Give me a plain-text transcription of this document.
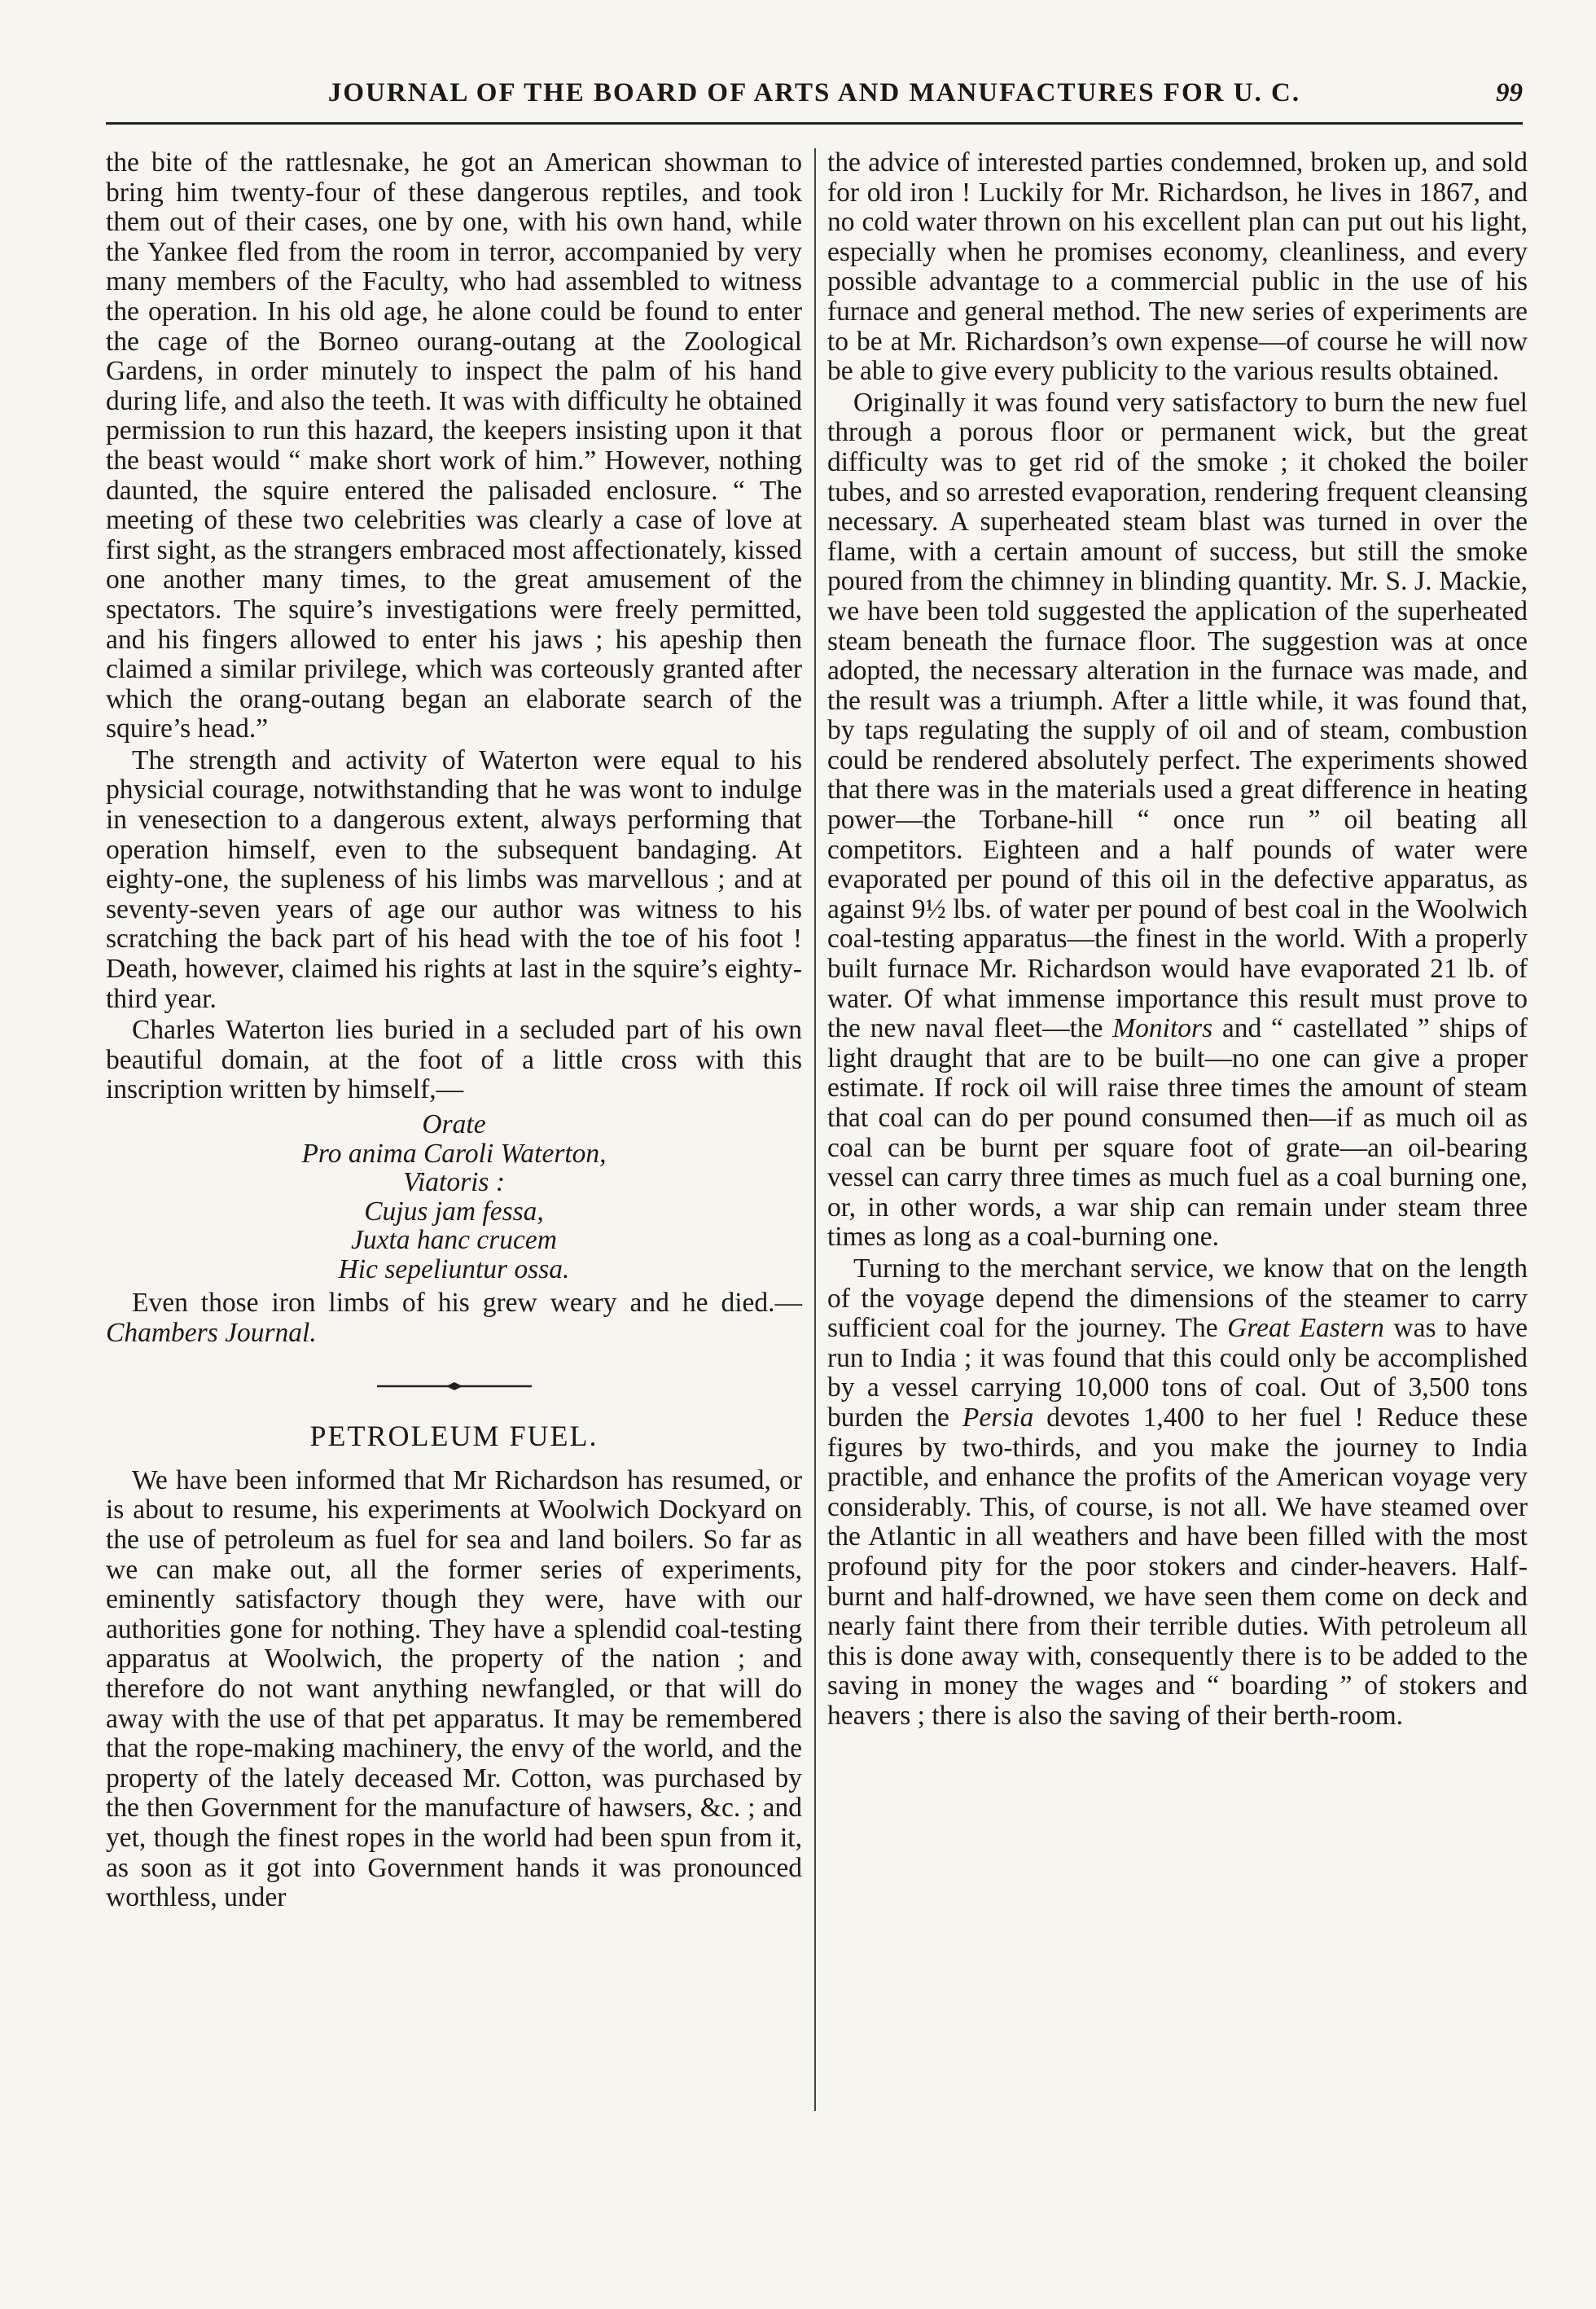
JOURNAL OF THE BOARD OF ARTS AND MANUFACTURES FOR U. C.	99

the bite of the rattlesnake, he got an American showman to bring him twenty-four of these dangerous reptiles, and took them out of their cases, one by one, with his own hand, while the Yankee fled from the room in terror, accompanied by very many members of the Faculty, who had assembled to witness the operation. In his old age, he alone could be found to enter the cage of the Borneo ourang-outang at the Zoological Gardens, in order minutely to inspect the palm of his hand during life, and also the teeth. It was with difficulty he obtained permission to run this hazard, the keepers insisting upon it that the beast would “ make short work of him.” However, nothing daunted, the squire entered the palisaded enclosure. “ The meeting of these two celebrities was clearly a case of love at first sight, as the strangers embraced most affectionately, kissed one another many times, to the great amusement of the spectators. The squire’s investigations were freely permitted, and his fingers allowed to enter his jaws ; his apeship then claimed a similar privilege, which was corteously granted after which the orang-outang began an elaborate search of the squire’s head.”

The strength and activity of Waterton were equal to his physicial courage, notwithstanding that he was wont to indulge in venesection to a dangerous extent, always performing that operation himself, even to the subsequent bandaging. At eighty-one, the supleness of his limbs was marvellous ; and at seventy-seven years of age our author was witness to his scratching the back part of his head with the toe of his foot ! Death, however, claimed his rights at last in the squire’s eighty-third year.

Charles Waterton lies buried in a secluded part of his own beautiful domain, at the foot of a little cross with this inscription written by himself,—

Orate
Pro anima Caroli Waterton,
Viatoris :
Cujus jam fessa,
Juxta hanc crucem
Hic sepeliuntur ossa.

Even those iron limbs of his grew weary and he died.—Chambers Journal.

PETROLEUM FUEL.

We have been informed that Mr Richardson has resumed, or is about to resume, his experiments at Woolwich Dockyard on the use of petroleum as fuel for sea and land boilers. So far as we can make out, all the former series of experiments, eminently satisfactory though they were, have with our authorities gone for nothing. They have a splendid coal-testing apparatus at Woolwich, the property of the nation ; and therefore do not want anything newfangled, or that will do away with the use of that pet apparatus. It may be remembered that the rope-making machinery, the envy of the world, and the property of the lately deceased Mr. Cotton, was purchased by the then Government for the manufacture of hawsers, &c. ; and yet, though the finest ropes in the world had been spun from it, as soon as it got into Government hands it was pronounced worthless, under

the advice of interested parties condemned, broken up, and sold for old iron ! Luckily for Mr. Richardson, he lives in 1867, and no cold water thrown on his excellent plan can put out his light, especially when he promises economy, cleanliness, and every possible advantage to a commercial public in the use of his furnace and general method. The new series of experiments are to be at Mr. Richardson’s own expense—of course he will now be able to give every publicity to the various results obtained.

Originally it was found very satisfactory to burn the new fuel through a porous floor or permanent wick, but the great difficulty was to get rid of the smoke ; it choked the boiler tubes, and so arrested evaporation, rendering frequent cleansing necessary. A superheated steam blast was turned in over the flame, with a certain amount of success, but still the smoke poured from the chimney in blinding quantity. Mr. S. J. Mackie, we have been told suggested the application of the superheated steam beneath the furnace floor. The suggestion was at once adopted, the necessary alteration in the furnace was made, and the result was a triumph. After a little while, it was found that, by taps regulating the supply of oil and of steam, combustion could be rendered absolutely perfect. The experiments showed that there was in the materials used a great difference in heating power—the Torbane-hill “ once run ” oil beating all competitors. Eighteen and a half pounds of water were evaporated per pound of this oil in the defective apparatus, as against 9½ lbs. of water per pound of best coal in the Woolwich coal-testing apparatus—the finest in the world. With a properly built furnace Mr. Richardson would have evaporated 21 lb. of water. Of what immense importance this result must prove to the new naval fleet—the Monitors and “ castellated ” ships of light draught that are to be built—no one can give a proper estimate. If rock oil will raise three times the amount of steam that coal can do per pound consumed then—if as much oil as coal can be burnt per square foot of grate—an oil-bearing vessel can carry three times as much fuel as a coal burning one, or, in other words, a war ship can remain under steam three times as long as a coal-burning one.

Turning to the merchant service, we know that on the length of the voyage depend the dimensions of the steamer to carry sufficient coal for the journey. The Great Eastern was to have run to India ; it was found that this could only be accomplished by a vessel carrying 10,000 tons of coal. Out of 3,500 tons burden the Persia devotes 1,400 to her fuel ! Reduce these figures by two-thirds, and you make the journey to India practible, and enhance the profits of the American voyage very considerably. This, of course, is not all. We have steamed over the Atlantic in all weathers and have been filled with the most profound pity for the poor stokers and cinder-heavers. Half-burnt and half-drowned, we have seen them come on deck and nearly faint there from their terrible duties. With petroleum all this is done away with, consequently there is to be added to the saving in money the wages and “ boarding ” of stokers and heavers ; there is also the saving of their berth-room.
